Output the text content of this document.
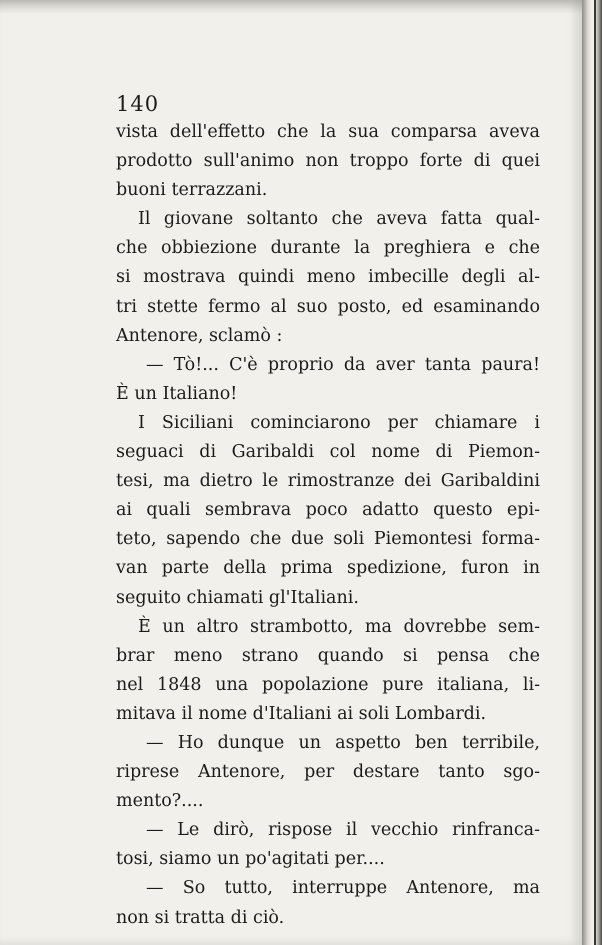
140
vista dell'effetto che la sua comparsa aveva
prodotto sull'animo non troppo forte di quei
buoni terrazzani.
Il giovane soltanto che aveva fatta qual-
che obbiezione durante la preghiera e che
si mostrava quindi meno imbecille degli al-
tri stette fermo al suo posto, ed esaminando
Antenore, sclamò :
— Tò!... C'è proprio da aver tanta paura!
È un Italiano!
I Siciliani cominciarono per chiamare i
seguaci di Garibaldi col nome di Piemon-
tesi, ma dietro le rimostranze dei Garibaldini
ai quali sembrava poco adatto questo epi-
teto, sapendo che due soli Piemontesi forma-
van parte della prima spedizione, furon in
seguito chiamati gl'Italiani.
È un altro strambotto, ma dovrebbe sem-
brar meno strano quando si pensa che
nel 1848 una popolazione pure italiana, li-
mitava il nome d'Italiani ai soli Lombardi.
— Ho dunque un aspetto ben terribile,
riprese Antenore, per destare tanto sgo-
mento?....
— Le dirò, rispose il vecchio rinfranca-
tosi, siamo un po'agitati per....
— So tutto, interruppe Antenore, ma
non si tratta di ciò.
